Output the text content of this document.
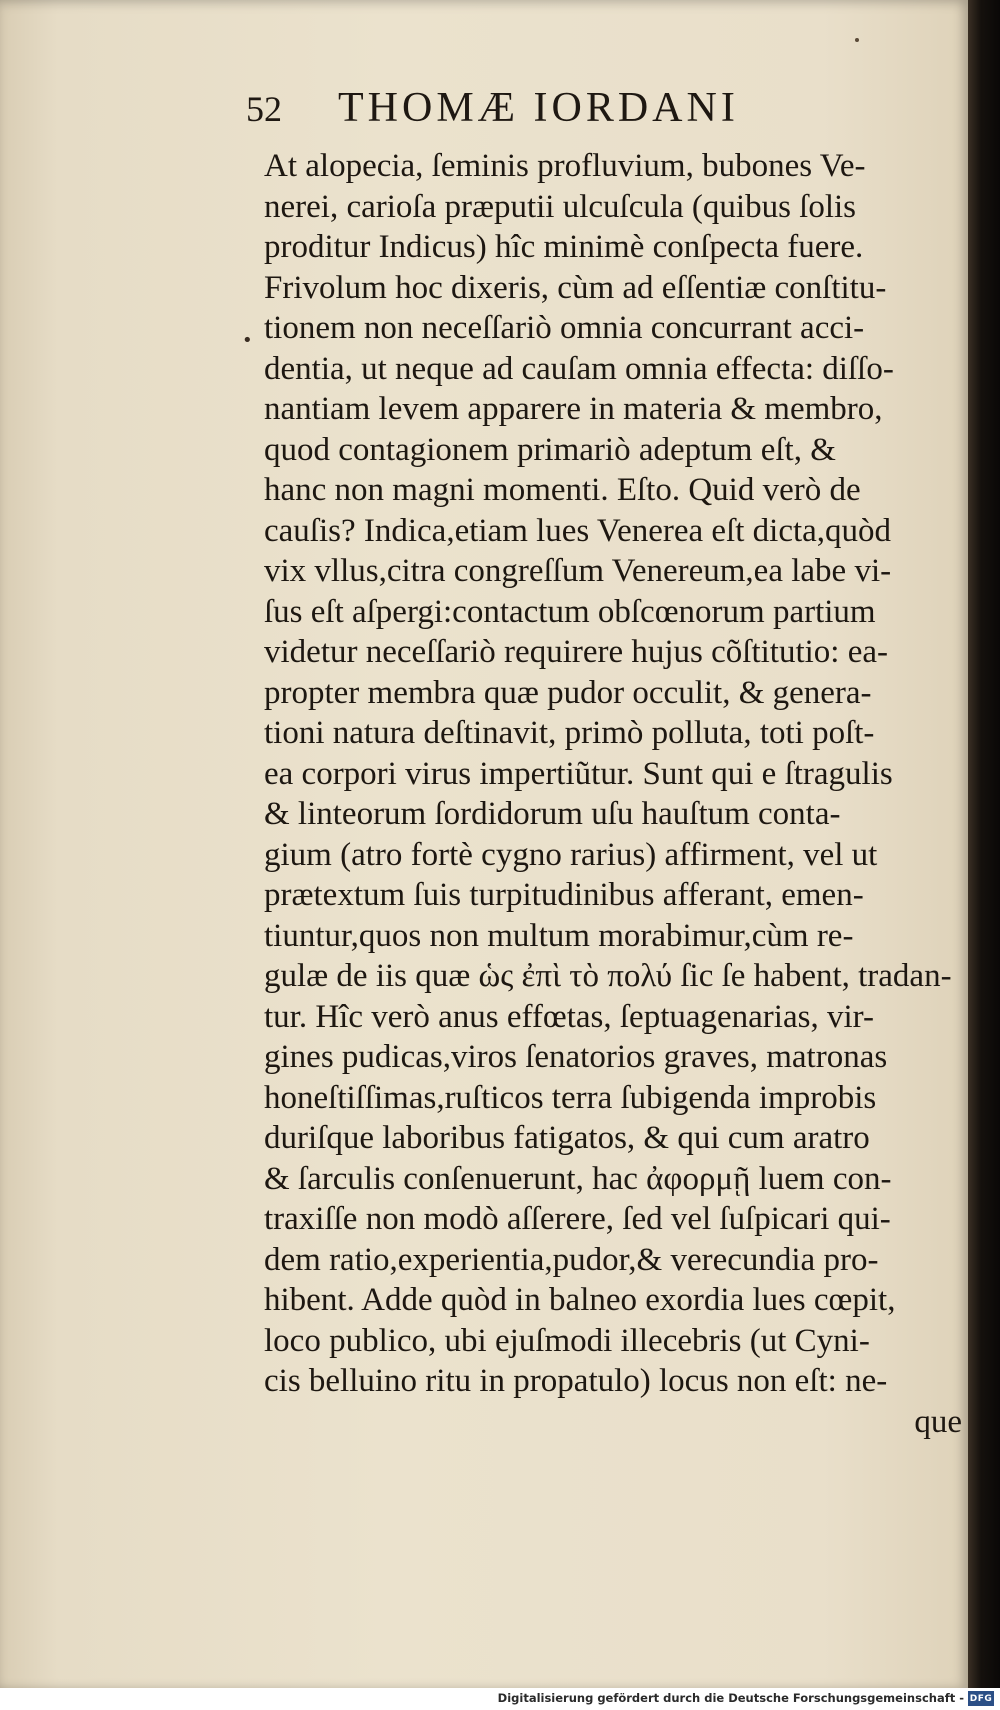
52 THOMÆ IORDANI
•
At alopecia, ſeminis profluvium, bubones Ve-nerei, carioſa præputii ulcuſcula (quibus ſolisproditur Indicus) hîc minimè conſpecta fuere.Frivolum hoc dixeris, cùm ad eſſentiæ conſtitu-tionem non neceſſariò omnia concurrant acci-dentia, ut neque ad cauſam omnia effecta: diſſo-nantiam levem apparere in materia & membro,quod contagionem primariò adeptum eſt, &hanc non magni momenti. Eſto. Quid verò decauſis? Indica,etiam lues Venerea eſt dicta,quòdvix vllus,citra congreſſum Venereum,ea labe vi-ſus eſt aſpergi:contactum obſcœnorum partiumvidetur neceſſariò requirere hujus cõſtitutio: ea-propter membra quæ pudor occulit, & genera-tioni natura deſtinavit, primò polluta, toti poſt-ea corpori virus impertiũtur. Sunt qui e ſtragulis& linteorum ſordidorum uſu hauſtum conta-gium (atro fortè cygno rarius) affirment, vel utprætextum ſuis turpitudinibus afferant, emen-tiuntur,quos non multum morabimur,cùm re-gulæ de iis quæ ὡς ἐπὶ τὸ πολύ ſic ſe habent, tradan-tur. Hîc verò anus effœtas, ſeptuagenarias, vir-gines pudicas,viros ſenatorios graves, matronashoneſtiſſimas,ruſticos terra ſubigenda improbisduriſque laboribus fatigatos, & qui cum aratro& ſarculis conſenuerunt, hac ἀφορμῇ luem con-traxiſſe non modò aſſerere, ſed vel ſuſpicari qui-dem ratio,experientia,pudor,& verecundia pro-hibent. Adde quòd in balneo exordia lues cœpit,loco publico, ubi ejuſmodi illecebris (ut Cyni-cis belluino ritu in propatulo) locus non eſt: ne-
que
Digitalisierung gefördert durch die Deutsche Forschungsgemeinschaft - DFG
